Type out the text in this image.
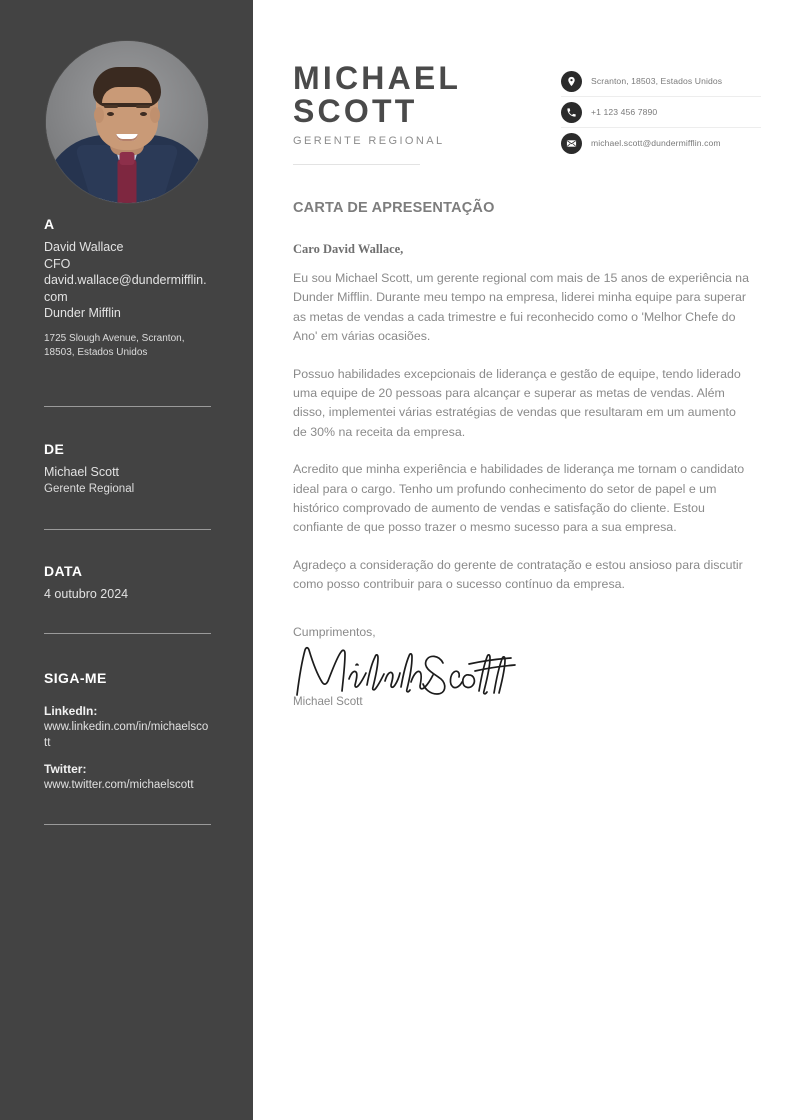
A
David Wallace
CFO
david.wallace@dundermifflin.com
Dunder Mifflin
1725 Slough Avenue, Scranton, 18503, Estados Unidos
DE
Michael Scott
Gerente Regional
DATA
4 outubro 2024
SIGA-ME
LinkedIn:
www.linkedin.com/in/michaelscott
Twitter:
www.twitter.com/michaelscott
MICHAEL
SCOTT
GERENTE REGIONAL
Scranton, 18503, Estados Unidos
+1 123 456 7890
michael.scott@dundermifflin.com
CARTA DE APRESENTAÇÃO

Caro David Wallace,

Eu sou Michael Scott, um gerente regional com mais de 15 anos de experiência na Dunder Mifflin. Durante meu tempo na empresa, liderei minha equipe para superar as metas de vendas a cada trimestre e fui reconhecido como o 'Melhor Chefe do Ano' em várias ocasiões.

Possuo habilidades excepcionais de liderança e gestão de equipe, tendo liderado uma equipe de 20 pessoas para alcançar e superar as metas de vendas. Além disso, implementei várias estratégias de vendas que resultaram em um aumento de 30% na receita da empresa.

Acredito que minha experiência e habilidades de liderança me tornam o candidato ideal para o cargo. Tenho um profundo conhecimento do setor de papel e um histórico comprovado de aumento de vendas e satisfação do cliente. Estou confiante de que posso trazer o mesmo sucesso para a sua empresa.

Agradeço a consideração do gerente de contratação e estou ansioso para discutir como posso contribuir para o sucesso contínuo da empresa.

Cumprimentos,
Michael Scott
